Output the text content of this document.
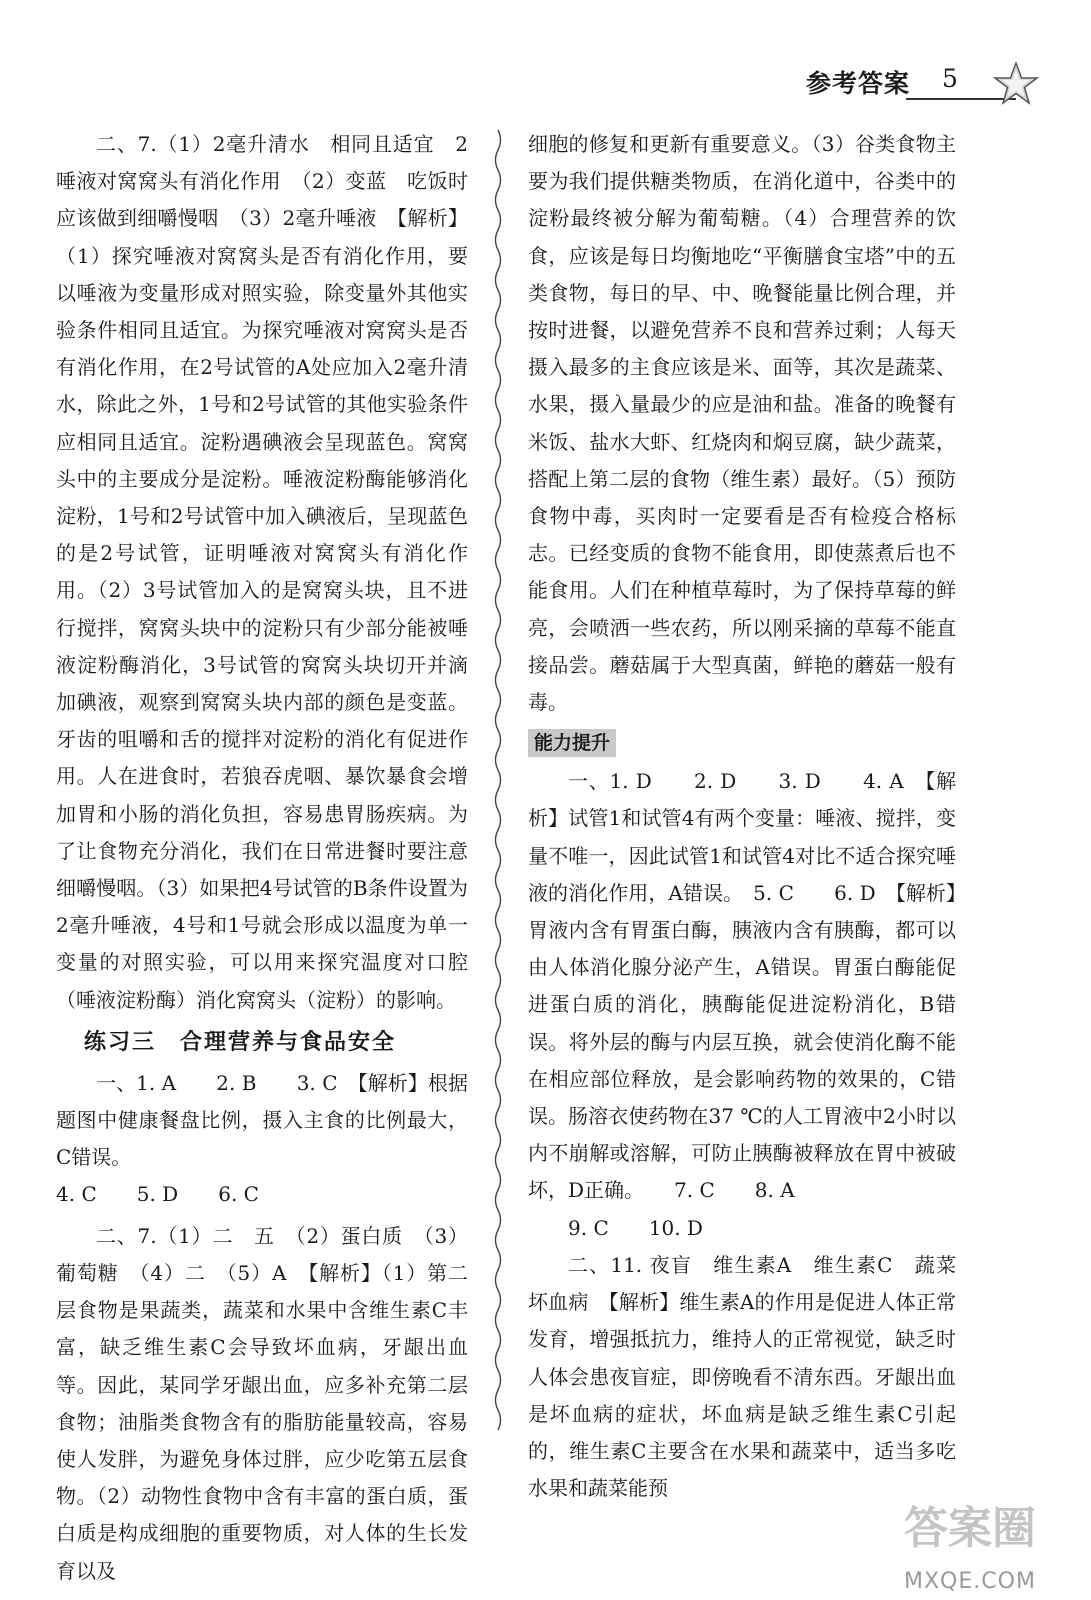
参考答案 5

二、7.（1）2毫升清水　相同且适宜　2　唾液对窝窝头有消化作用　（2）变蓝　吃饭时应该做到细嚼慢咽　（3）2毫升唾液　【解析】（1）探究唾液对窝窝头是否有消化作用，要以唾液为变量形成对照实验，除变量外其他实验条件相同且适宜。为探究唾液对窝窝头是否有消化作用，在2号试管的A处应加入2毫升清水，除此之外，1号和2号试管的其他实验条件应相同且适宜。淀粉遇碘液会呈现蓝色。窝窝头中的主要成分是淀粉。唾液淀粉酶能够消化淀粉，1号和2号试管中加入碘液后，呈现蓝色的是2号试管，证明唾液对窝窝头有消化作用。（2）3号试管加入的是窝窝头块，且不进行搅拌，窝窝头块中的淀粉只有少部分能被唾液淀粉酶消化，3号试管的窝窝头块切开并滴加碘液，观察到窝窝头块内部的颜色是变蓝。牙齿的咀嚼和舌的搅拌对淀粉的消化有促进作用。人在进食时，若狼吞虎咽、暴饮暴食会增加胃和小肠的消化负担，容易患胃肠疾病。为了让食物充分消化，我们在日常进餐时要注意细嚼慢咽。（3）如果把4号试管的B条件设置为2毫升唾液，4号和1号就会形成以温度为单一变量的对照实验，可以用来探究温度对口腔（唾液淀粉酶）消化窝窝头（淀粉）的影响。

练习三　合理营养与食品安全

一、1. A　　2. B　　3. C　【解析】根据题图中健康餐盘比例，摄入主食的比例最大，C错误。

4. C　　5. D　　6. C

二、7.（1）二　五　（2）蛋白质　（3）葡萄糖　（4）二　（5）A　【解析】（1）第二层食物是果蔬类，蔬菜和水果中含维生素C丰富，缺乏维生素C会导致坏血病，牙龈出血等。因此，某同学牙龈出血，应多补充第二层食物；油脂类食物含有的脂肪能量较高，容易使人发胖，为避免身体过胖，应少吃第五层食物。（2）动物性食物中含有丰富的蛋白质，蛋白质是构成细胞的重要物质，对人体的生长发育以及

细胞的修复和更新有重要意义。（3）谷类食物主要为我们提供糖类物质，在消化道中，谷类中的淀粉最终被分解为葡萄糖。（4）合理营养的饮食，应该是每日均衡地吃“平衡膳食宝塔”中的五类食物，每日的早、中、晚餐能量比例合理，并按时进餐，以避免营养不良和营养过剩；人每天摄入最多的主食应该是米、面等，其次是蔬菜、水果，摄入量最少的应是油和盐。准备的晚餐有米饭、盐水大虾、红烧肉和焖豆腐，缺少蔬菜，搭配上第二层的食物（维生素）最好。（5）预防食物中毒，买肉时一定要看是否有检疫合格标志。已经变质的食物不能食用，即使蒸煮后也不能食用。人们在种植草莓时，为了保持草莓的鲜亮，会喷洒一些农药，所以刚采摘的草莓不能直接品尝。蘑菇属于大型真菌，鲜艳的蘑菇一般有毒。

能力提升

一、1. D　　2. D　　3. D　　4. A　【解析】试管1和试管4有两个变量：唾液、搅拌，变量不唯一，因此试管1和试管4对比不适合探究唾液的消化作用，A错误。　5. C　　6. D　【解析】胃液内含有胃蛋白酶，胰液内含有胰酶，都可以由人体消化腺分泌产生，A错误。胃蛋白酶能促进蛋白质的消化，胰酶能促进淀粉消化，B错误。将外层的酶与内层互换，就会使消化酶不能在相应部位释放，是会影响药物的效果的，C错误。肠溶衣使药物在37 ℃的人工胃液中2小时以内不崩解或溶解，可防止胰酶被释放在胃中被破坏，D正确。　　7. C　　8. A

9. C　　10. D

二、11. 夜盲　维生素A　维生素C　蔬菜　坏血病　【解析】维生素A的作用是促进人体正常发育，增强抵抗力，维持人的正常视觉，缺乏时人体会患夜盲症，即傍晚看不清东西。牙龈出血是坏血病的症状，坏血病是缺乏维生素C引起的，维生素C主要含在水果和蔬菜中，适当多吃水果和蔬菜能预

答案圈
MXQE.COM
